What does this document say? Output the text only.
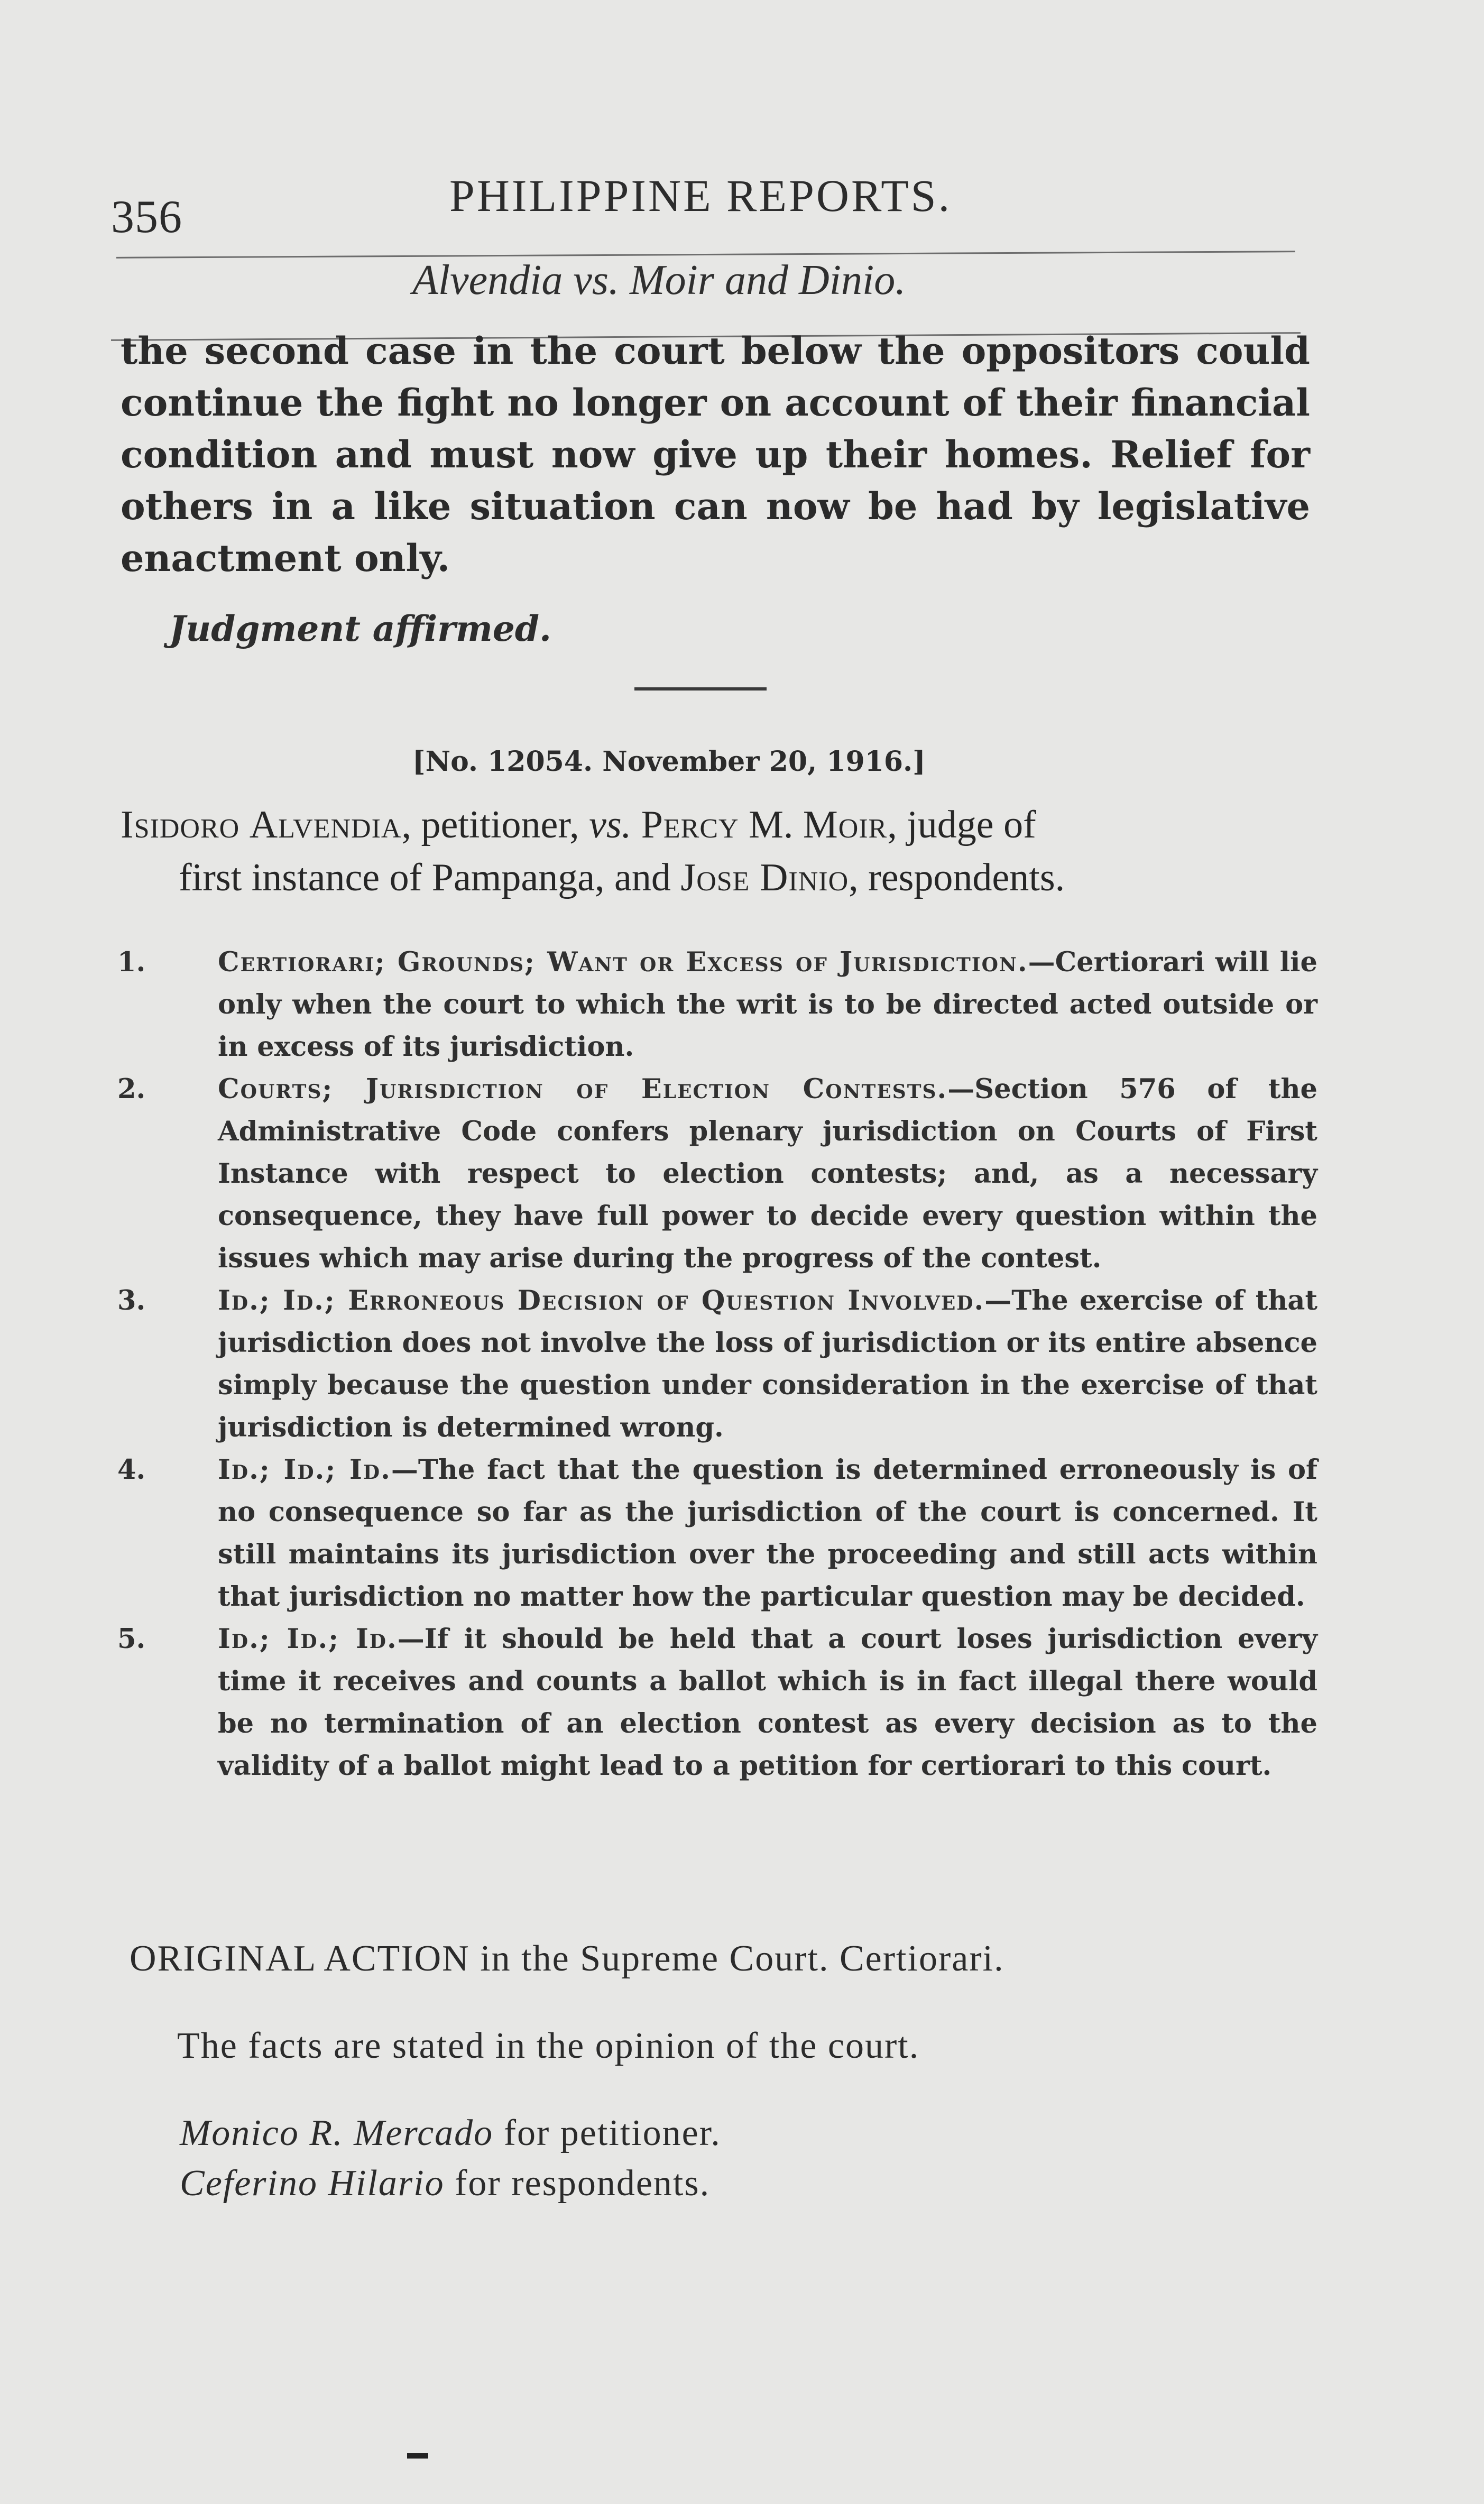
356	PHILIPPINE REPORTS.
Alvendia vs. Moir and Dinio.
the second case in the court below the oppositors could continue the fight no longer on account of their financial condition and must now give up their homes. Relief for others in a like situation can now be had by legislative enactment only.
Judgment affirmed.
[No. 12054. November 20, 1916.]
Isidoro Alvendia, petitioner, vs. Percy M. Moir, judge of
first instance of Pampanga, and Jose Dinio, respondents.
1.	Certiorari; Grounds; Want or Excess of Jurisdiction.—Certiorari will lie only when the court to which the writ is to be directed acted outside or in excess of its jurisdiction.
2.	Courts; Jurisdiction of Election Contests.—Section 576 of the Administrative Code confers plenary jurisdiction on Courts of First Instance with respect to election contests; and, as a necessary consequence, they have full power to decide every question within the issues which may arise during the progress of the contest.
3.	Id.; Id.; Erroneous Decision of Question Involved.—The exercise of that jurisdiction does not involve the loss of jurisdiction or its entire absence simply because the question under consideration in the exercise of that jurisdiction is determined wrong.
4.	Id.; Id.; Id.—The fact that the question is determined erroneously is of no consequence so far as the jurisdiction of the court is concerned. It still maintains its jurisdiction over the proceeding and still acts within that jurisdiction no matter how the particular question may be decided.
5.	Id.; Id.; Id.—If it should be held that a court loses jurisdiction every time it receives and counts a ballot which is in fact illegal there would be no termination of an election contest as every decision as to the validity of a ballot might lead to a petition for certiorari to this court.
ORIGINAL ACTION in the Supreme Court. Certiorari.
The facts are stated in the opinion of the court.
Monico R. Mercado for petitioner.
Ceferino Hilario for respondents.
